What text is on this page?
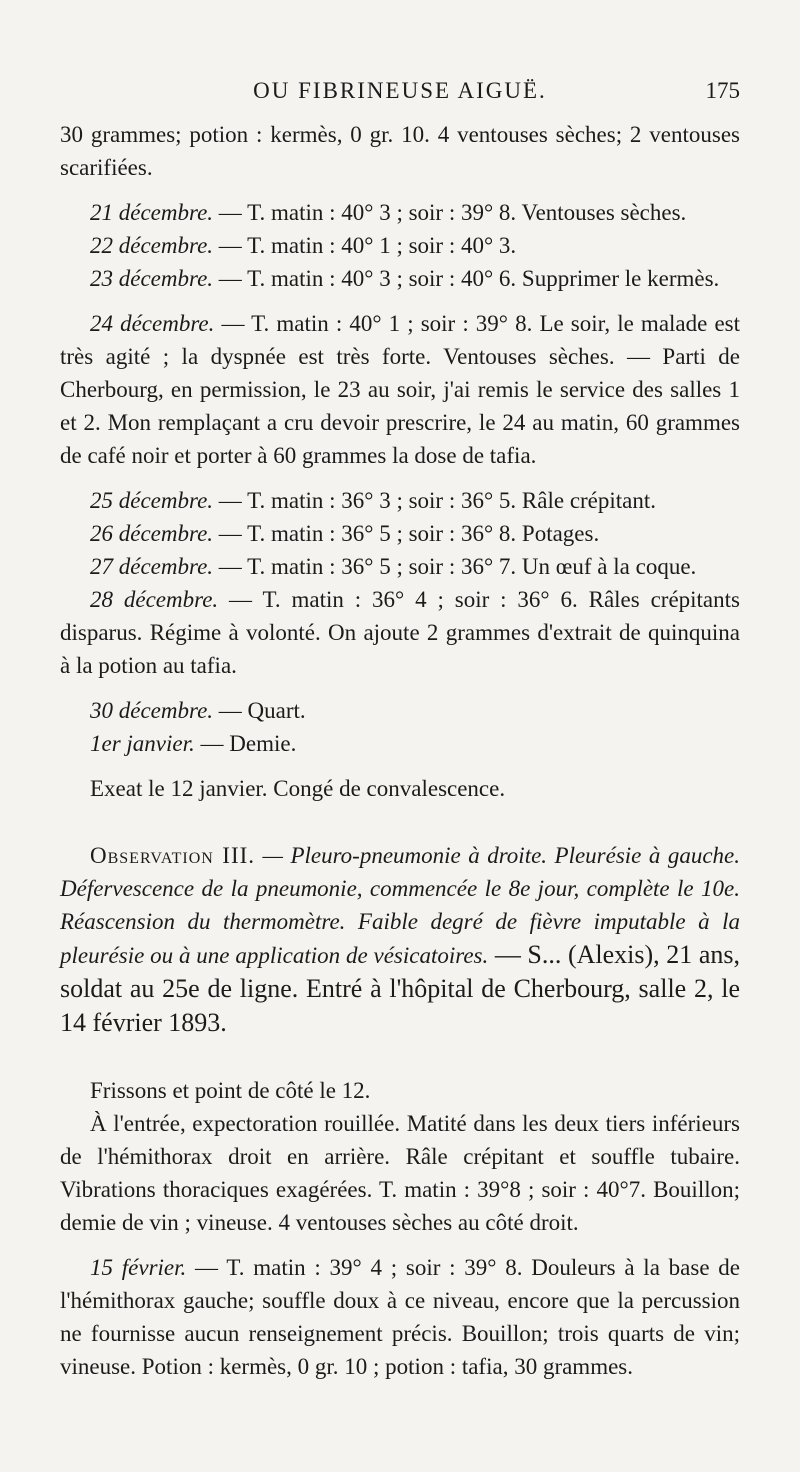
OU FIBRINEUSE AIGUË.	175

30 grammes; potion : kermès, 0 gr. 10. 4 ventouses sèches; 2 ventouses scarifiées.

21 décembre. — T. matin : 40° 3 ; soir : 39° 8. Ventouses sèches.

22 décembre. — T. matin : 40° 1 ; soir : 40° 3.

23 décembre. — T. matin : 40° 3 ; soir : 40° 6. Supprimer le kermès.

24 décembre. — T. matin : 40° 1 ; soir : 39° 8. Le soir, le malade est très agité ; la dyspnée est très forte. Ventouses sèches. — Parti de Cherbourg, en permission, le 23 au soir, j'ai remis le service des salles 1 et 2. Mon remplaçant a cru devoir prescrire, le 24 au matin, 60 grammes de café noir et porter à 60 grammes la dose de tafia.

25 décembre. — T. matin : 36° 3 ; soir : 36° 5. Râle crépitant.

26 décembre. — T. matin : 36° 5 ; soir : 36° 8. Potages.

27 décembre. — T. matin : 36° 5 ; soir : 36° 7. Un œuf à la coque.

28 décembre. — T. matin : 36° 4 ; soir : 36° 6. Râles crépitants disparus. Régime à volonté. On ajoute 2 grammes d'extrait de quinquina à la potion au tafia.

30 décembre. — Quart.

1er janvier. — Demie.

Exeat le 12 janvier. Congé de convalescence.

Observation III. — Pleuro-pneumonie à droite. Pleurésie à gauche. Défervescence de la pneumonie, commencée le 8e jour, complète le 10e. Réascension du thermomètre. Faible degré de fièvre imputable à la pleurésie ou à une application de vésicatoires. — S... (Alexis), 21 ans, soldat au 25e de ligne. Entré à l'hôpital de Cherbourg, salle 2, le 14 février 1893.

Frissons et point de côté le 12.

À l'entrée, expectoration rouillée. Matité dans les deux tiers inférieurs de l'hémithorax droit en arrière. Râle crépitant et souffle tubaire. Vibrations thoraciques exagérées. T. matin : 39°8 ; soir : 40°7. Bouillon; demie de vin ; vineuse. 4 ventouses sèches au côté droit.

15 février. — T. matin : 39° 4 ; soir : 39° 8. Douleurs à la base de l'hémithorax gauche; souffle doux à ce niveau, encore que la percussion ne fournisse aucun renseignement précis. Bouillon; trois quarts de vin; vineuse. Potion : kermès, 0 gr. 10 ; potion : tafia, 30 grammes.
